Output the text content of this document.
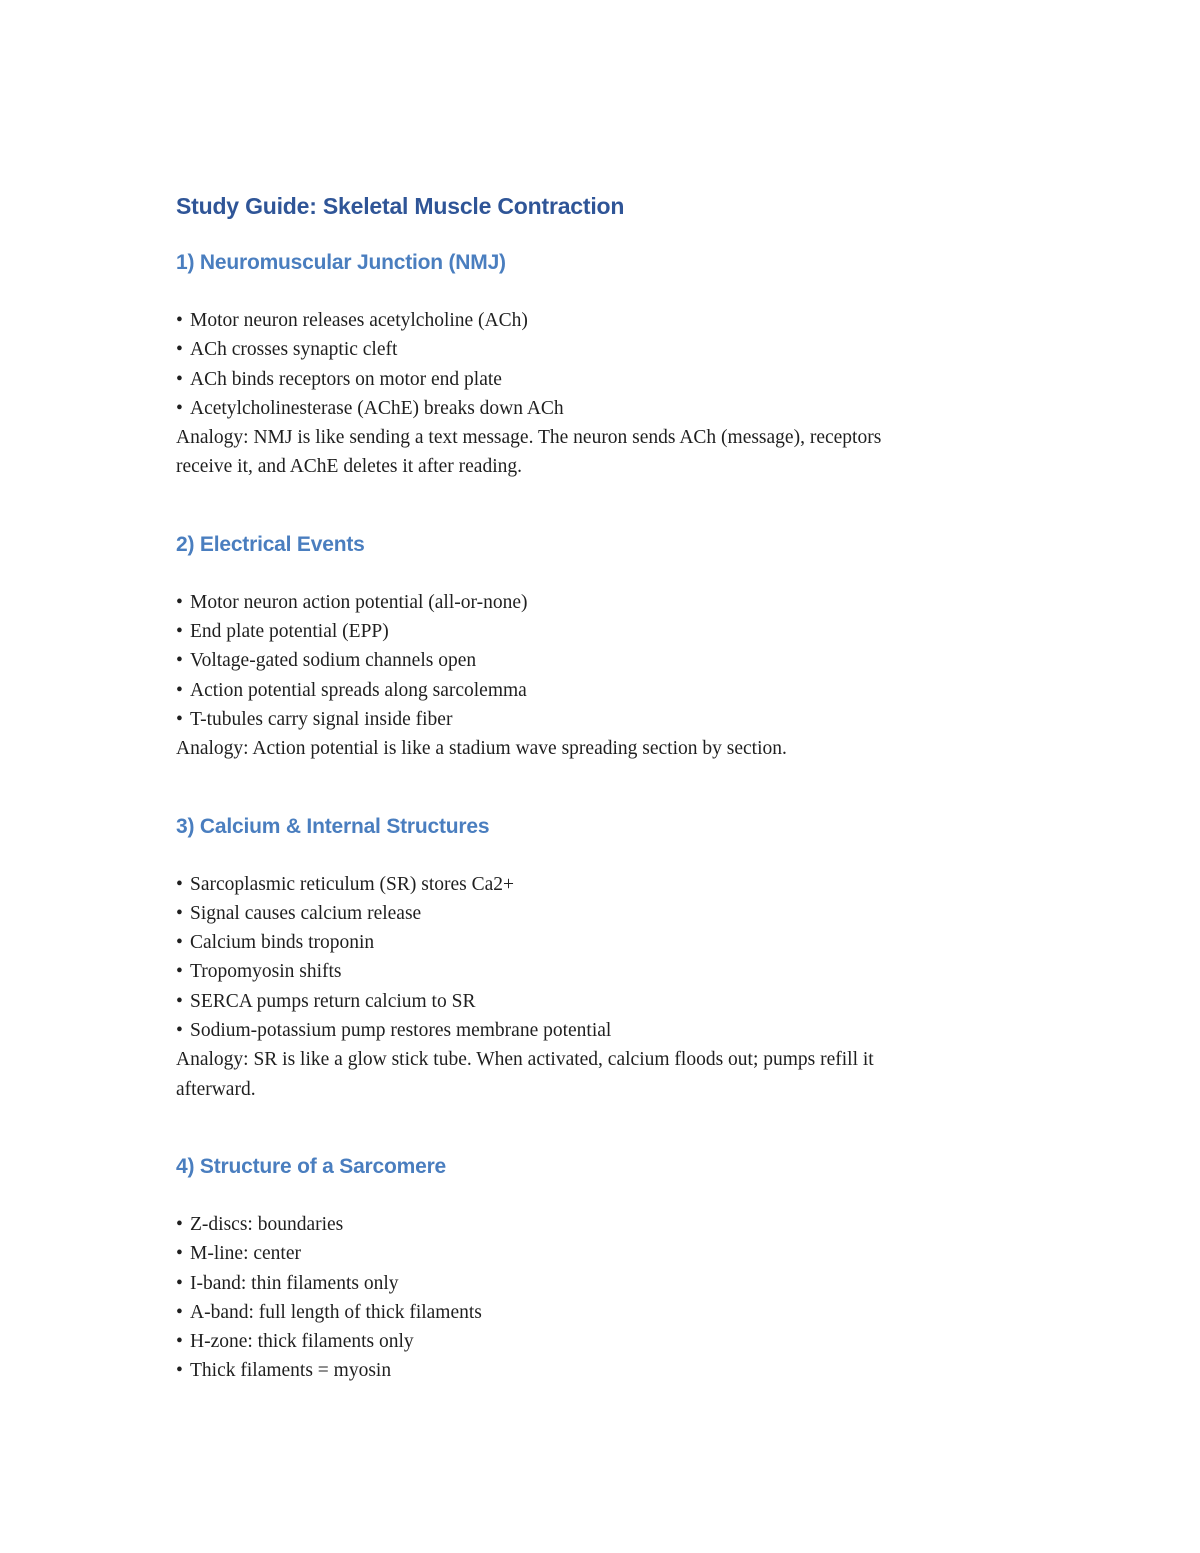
Study Guide: Skeletal Muscle Contraction
1) Neuromuscular Junction (NMJ)
• Motor neuron releases acetylcholine (ACh)
• ACh crosses synaptic cleft
• ACh binds receptors on motor end plate
• Acetylcholinesterase (AChE) breaks down ACh

Analogy: NMJ is like sending a text message. The neuron sends ACh (message), receptors

receive it, and AChE deletes it after reading.

2) Electrical Events
• Motor neuron action potential (all-or-none)
• End plate potential (EPP)
• Voltage-gated sodium channels open
• Action potential spreads along sarcolemma
• T-tubules carry signal inside fiber

Analogy: Action potential is like a stadium wave spreading section by section.

3) Calcium & Internal Structures
• Sarcoplasmic reticulum (SR) stores Ca2+
• Signal causes calcium release
• Calcium binds troponin
• Tropomyosin shifts
• SERCA pumps return calcium to SR
• Sodium-potassium pump restores membrane potential

Analogy: SR is like a glow stick tube. When activated, calcium floods out; pumps refill it

afterward.

4) Structure of a Sarcomere
• Z-discs: boundaries
• M-line: center
• I-band: thin filaments only
• A-band: full length of thick filaments
• H-zone: thick filaments only
• Thick filaments = myosin
